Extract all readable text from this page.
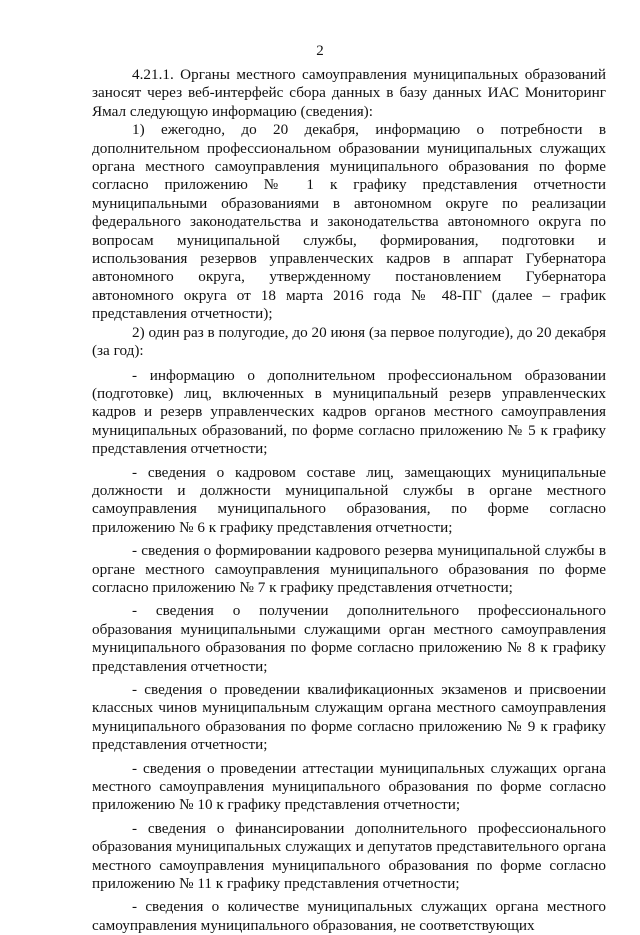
2

4.21.1. Органы местного самоуправления муниципальных образований заносят через веб-интерфейс сбора данных в базу данных ИАС Мониторинг Ямал следующую информацию (сведения):

1) ежегодно, до 20 декабря, информацию о потребности в дополнительном профессиональном образовании муниципальных служащих органа местного самоуправления муниципального образования по форме согласно приложению № 1 к графику представления отчетности муниципальными образованиями в автономном округе по реализации федерального законодательства и законодательства автономного округа по вопросам муниципальной службы, формирования, подготовки и использования резервов управленческих кадров в аппарат Губернатора автономного округа, утвержденному постановлением Губернатора автономного округа от 18 марта 2016 года № 48-ПГ (далее – график представления отчетности);

2) один раз в полугодие, до 20 июня (за первое полугодие), до 20 декабря (за год):

- информацию о дополнительном профессиональном образовании (подготовке) лиц, включенных в муниципальный резерв управленческих кадров и резерв управленческих кадров органов местного самоуправления муниципальных образований, по форме согласно приложению № 5 к графику представления отчетности;

- сведения о кадровом составе лиц, замещающих муниципальные должности и должности муниципальной службы в органе местного самоуправления муниципального образования, по форме согласно приложению № 6 к графику представления отчетности;

- сведения о формировании кадрового резерва муниципальной службы в органе местного самоуправления муниципального образования по форме согласно приложению № 7 к графику представления отчетности;

- сведения о получении дополнительного профессионального образования муниципальными служащими орган местного самоуправления муниципального образования по форме согласно приложению № 8 к графику представления отчетности;

- сведения о проведении квалификационных экзаменов и присвоении классных чинов муниципальным служащим органа местного самоуправления муниципального образования по форме согласно приложению № 9 к графику представления отчетности;

- сведения о проведении аттестации муниципальных служащих органа местного самоуправления муниципального образования по форме согласно приложению № 10 к графику представления отчетности;

- сведения о финансировании дополнительного профессионального образования муниципальных служащих и депутатов представительного органа местного самоуправления муниципального образования по форме согласно приложению № 11 к графику представления отчетности;

- сведения о количестве муниципальных служащих органа местного самоуправления муниципального образования, не соответствующих
